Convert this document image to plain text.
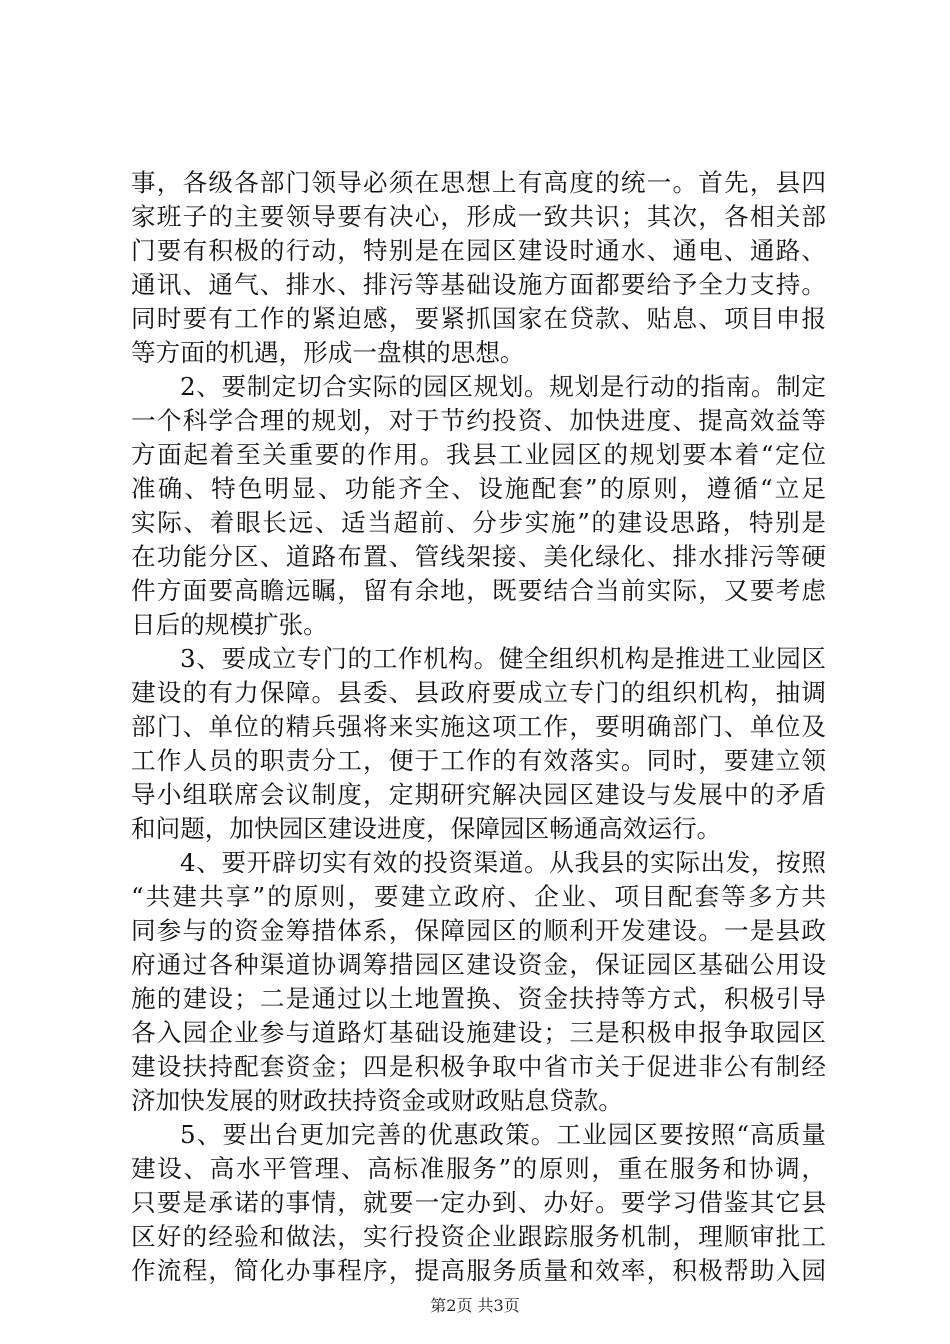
事，各级各部门领导必须在思想上有高度的统一。首先，县四
家班子的主要领导要有决心，形成一致共识；其次，各相关部
门要有积极的行动，特别是在园区建设时通水、通电、通路、
通讯、通气、排水、排污等基础设施方面都要给予全力支持。
同时要有工作的紧迫感，要紧抓国家在贷款、贴息、项目申报
等方面的机遇，形成一盘棋的思想。
2、要制定切合实际的园区规划。规划是行动的指南。制定
一个科学合理的规划，对于节约投资、加快进度、提高效益等
方面起着至关重要的作用。我县工业园区的规划要本着“定位
准确、特色明显、功能齐全、设施配套”的原则，遵循“立足
实际、着眼长远、适当超前、分步实施”的建设思路，特别是
在功能分区、道路布置、管线架接、美化绿化、排水排污等硬
件方面要高瞻远瞩，留有余地，既要结合当前实际，又要考虑
日后的规模扩张。
3、要成立专门的工作机构。健全组织机构是推进工业园区
建设的有力保障。县委、县政府要成立专门的组织机构，抽调
部门、单位的精兵强将来实施这项工作，要明确部门、单位及
工作人员的职责分工，便于工作的有效落实。同时，要建立领
导小组联席会议制度，定期研究解决园区建设与发展中的矛盾
和问题，加快园区建设进度，保障园区畅通高效运行。
4、要开辟切实有效的投资渠道。从我县的实际出发，按照
“共建共享”的原则，要建立政府、企业、项目配套等多方共
同参与的资金筹措体系，保障园区的顺利开发建设。一是县政
府通过各种渠道协调筹措园区建设资金，保证园区基础公用设
施的建设；二是通过以土地置换、资金扶持等方式，积极引导
各入园企业参与道路灯基础设施建设；三是积极申报争取园区
建设扶持配套资金；四是积极争取中省市关于促进非公有制经
济加快发展的财政扶持资金或财政贴息贷款。
5、要出台更加完善的优惠政策。工业园区要按照“高质量
建设、高水平管理、高标准服务”的原则，重在服务和协调，
只要是承诺的事情，就要一定办到、办好。要学习借鉴其它县
区好的经验和做法，实行投资企业跟踪服务机制，理顺审批工
作流程，简化办事程序，提高服务质量和效率，积极帮助入园
第2页 共3页
